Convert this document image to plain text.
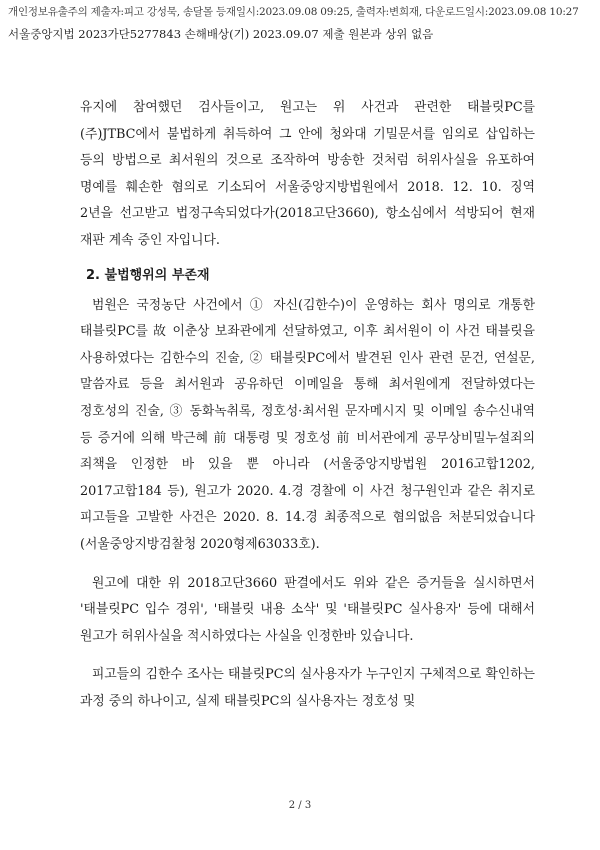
개인정보유출주의 제출자:피고 강성묵, 송달몰 등재일시:2023.09.08 09:25, 출력자:변희재, 다운로드일시:2023.09.08 10:27
서울중앙지법 2023가단5277843 손해배상(기) 2023.09.07 제출 원본과 상위 없음

유지에 참여했던 검사들이고, 원고는 위 사건과 관련한 태블릿PC를 (주)JTBC에서 불법하게 취득하여 그 안에 청와대 기밀문서를 임의로 삽입하는 등의 방법으로 최서원의 것으로 조작하여 방송한 것처럼 허위사실을 유포하여 명예를 훼손한 혐의로 기소되어 서울중앙지방법원에서 2018. 12. 10. 징역 2년을 선고받고 법정구속되었다가(2018고단3660), 항소심에서 석방되어 현재 재판 계속 중인 자입니다.

2. 불법행위의 부존재

범원은 국정농단 사건에서 ① 자신(김한수)이 운영하는 회사 명의로 개통한 태블릿PC를 故 이춘상 보좌관에게 선달하였고, 이후 최서원이 이 사건 태블릿을 사용하였다는 김한수의 진술, ② 태블릿PC에서 발견된 인사 관련 문건, 연설문, 말씀자료 등을 최서원과 공유하던 이메일을 통해 최서원에게 전달하였다는 정호성의 진술, ③ 동화녹취록, 정호성·최서원 문자메시지 및 이메일 송수신내역 등 증거에 의해 박근혜 前 대통령 및 정호성 前 비서관에게 공무상비밀누설죄의 죄책을 인정한 바 있을 뿐 아니라 (서울중앙지방법원 2016고합1202, 2017고합184 등), 원고가 2020. 4.경 경찰에 이 사건 청구원인과 같은 취지로 피고들을 고발한 사건은 2020. 8. 14.경 최종적으로 혐의없음 처분되었습니다(서울중앙지방검찰청 2020형제63033호).

원고에 대한 위 2018고단3660 판결에서도 위와 같은 증거들을 실시하면서 '태블릿PC 입수 경위', '태블릿 내용 소삭' 및 '태블릿PC 실사용자' 등에 대해서 원고가 허위사실을 적시하였다는 사실을 인정한바 있습니다.

피고들의 김한수 조사는 태블릿PC의 실사용자가 누구인지 구체적으로 확인하는 과정 중의 하나이고, 실제 태블릿PC의 실사용자는 정호성 및

2 / 3
